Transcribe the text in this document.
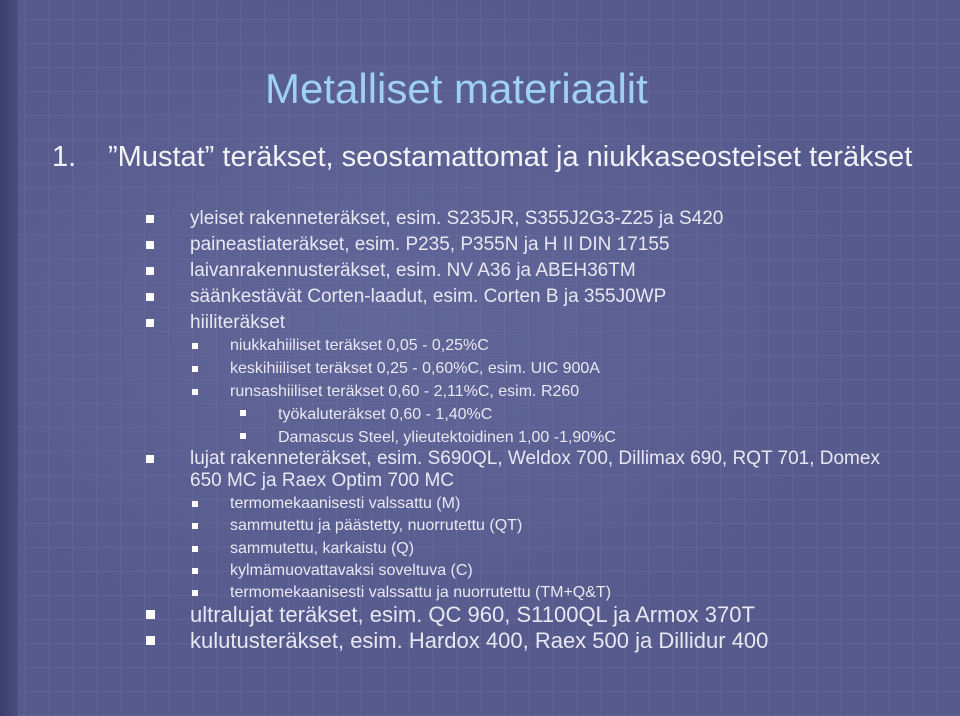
Metalliset materiaalit
1.	”Mustat” teräkset, seostamattomat ja niukkaseosteiset teräkset
yleiset rakenneteräkset, esim. S235JR, S355J2G3-Z25 ja S420
paineastiateräkset, esim. P235, P355N ja H II DIN 17155
laivanrakennusteräkset, esim. NV A36 ja ABEH36TM
säänkestävät Corten-laadut, esim. Corten B ja 355J0WP
hiiliteräkset
niukkahiiliset teräkset 0,05 - 0,25%C
keskihiiliset teräkset 0,25 - 0,60%C, esim. UIC 900A
runsashiiliset teräkset 0,60 - 2,11%C, esim. R260
työkaluteräkset 0,60 - 1,40%C
Damascus Steel, ylieutektoidinen 1,00 -1,90%C
lujat rakenneteräkset, esim. S690QL, Weldox 700, Dillimax 690, RQT 701, Domex 650 MC ja Raex Optim 700 MC
termomekaanisesti valssattu (M)
sammutettu ja päästetty, nuorrutettu (QT)
sammutettu, karkaistu (Q)
kylmämuovattavaksi soveltuva (C)
termomekaanisesti valssattu ja nuorrutettu (TM+Q&T)
ultralujat teräkset, esim. QC 960, S1100QL ja Armox 370T
kulutusteräkset, esim. Hardox 400, Raex 500 ja Dillidur 400
